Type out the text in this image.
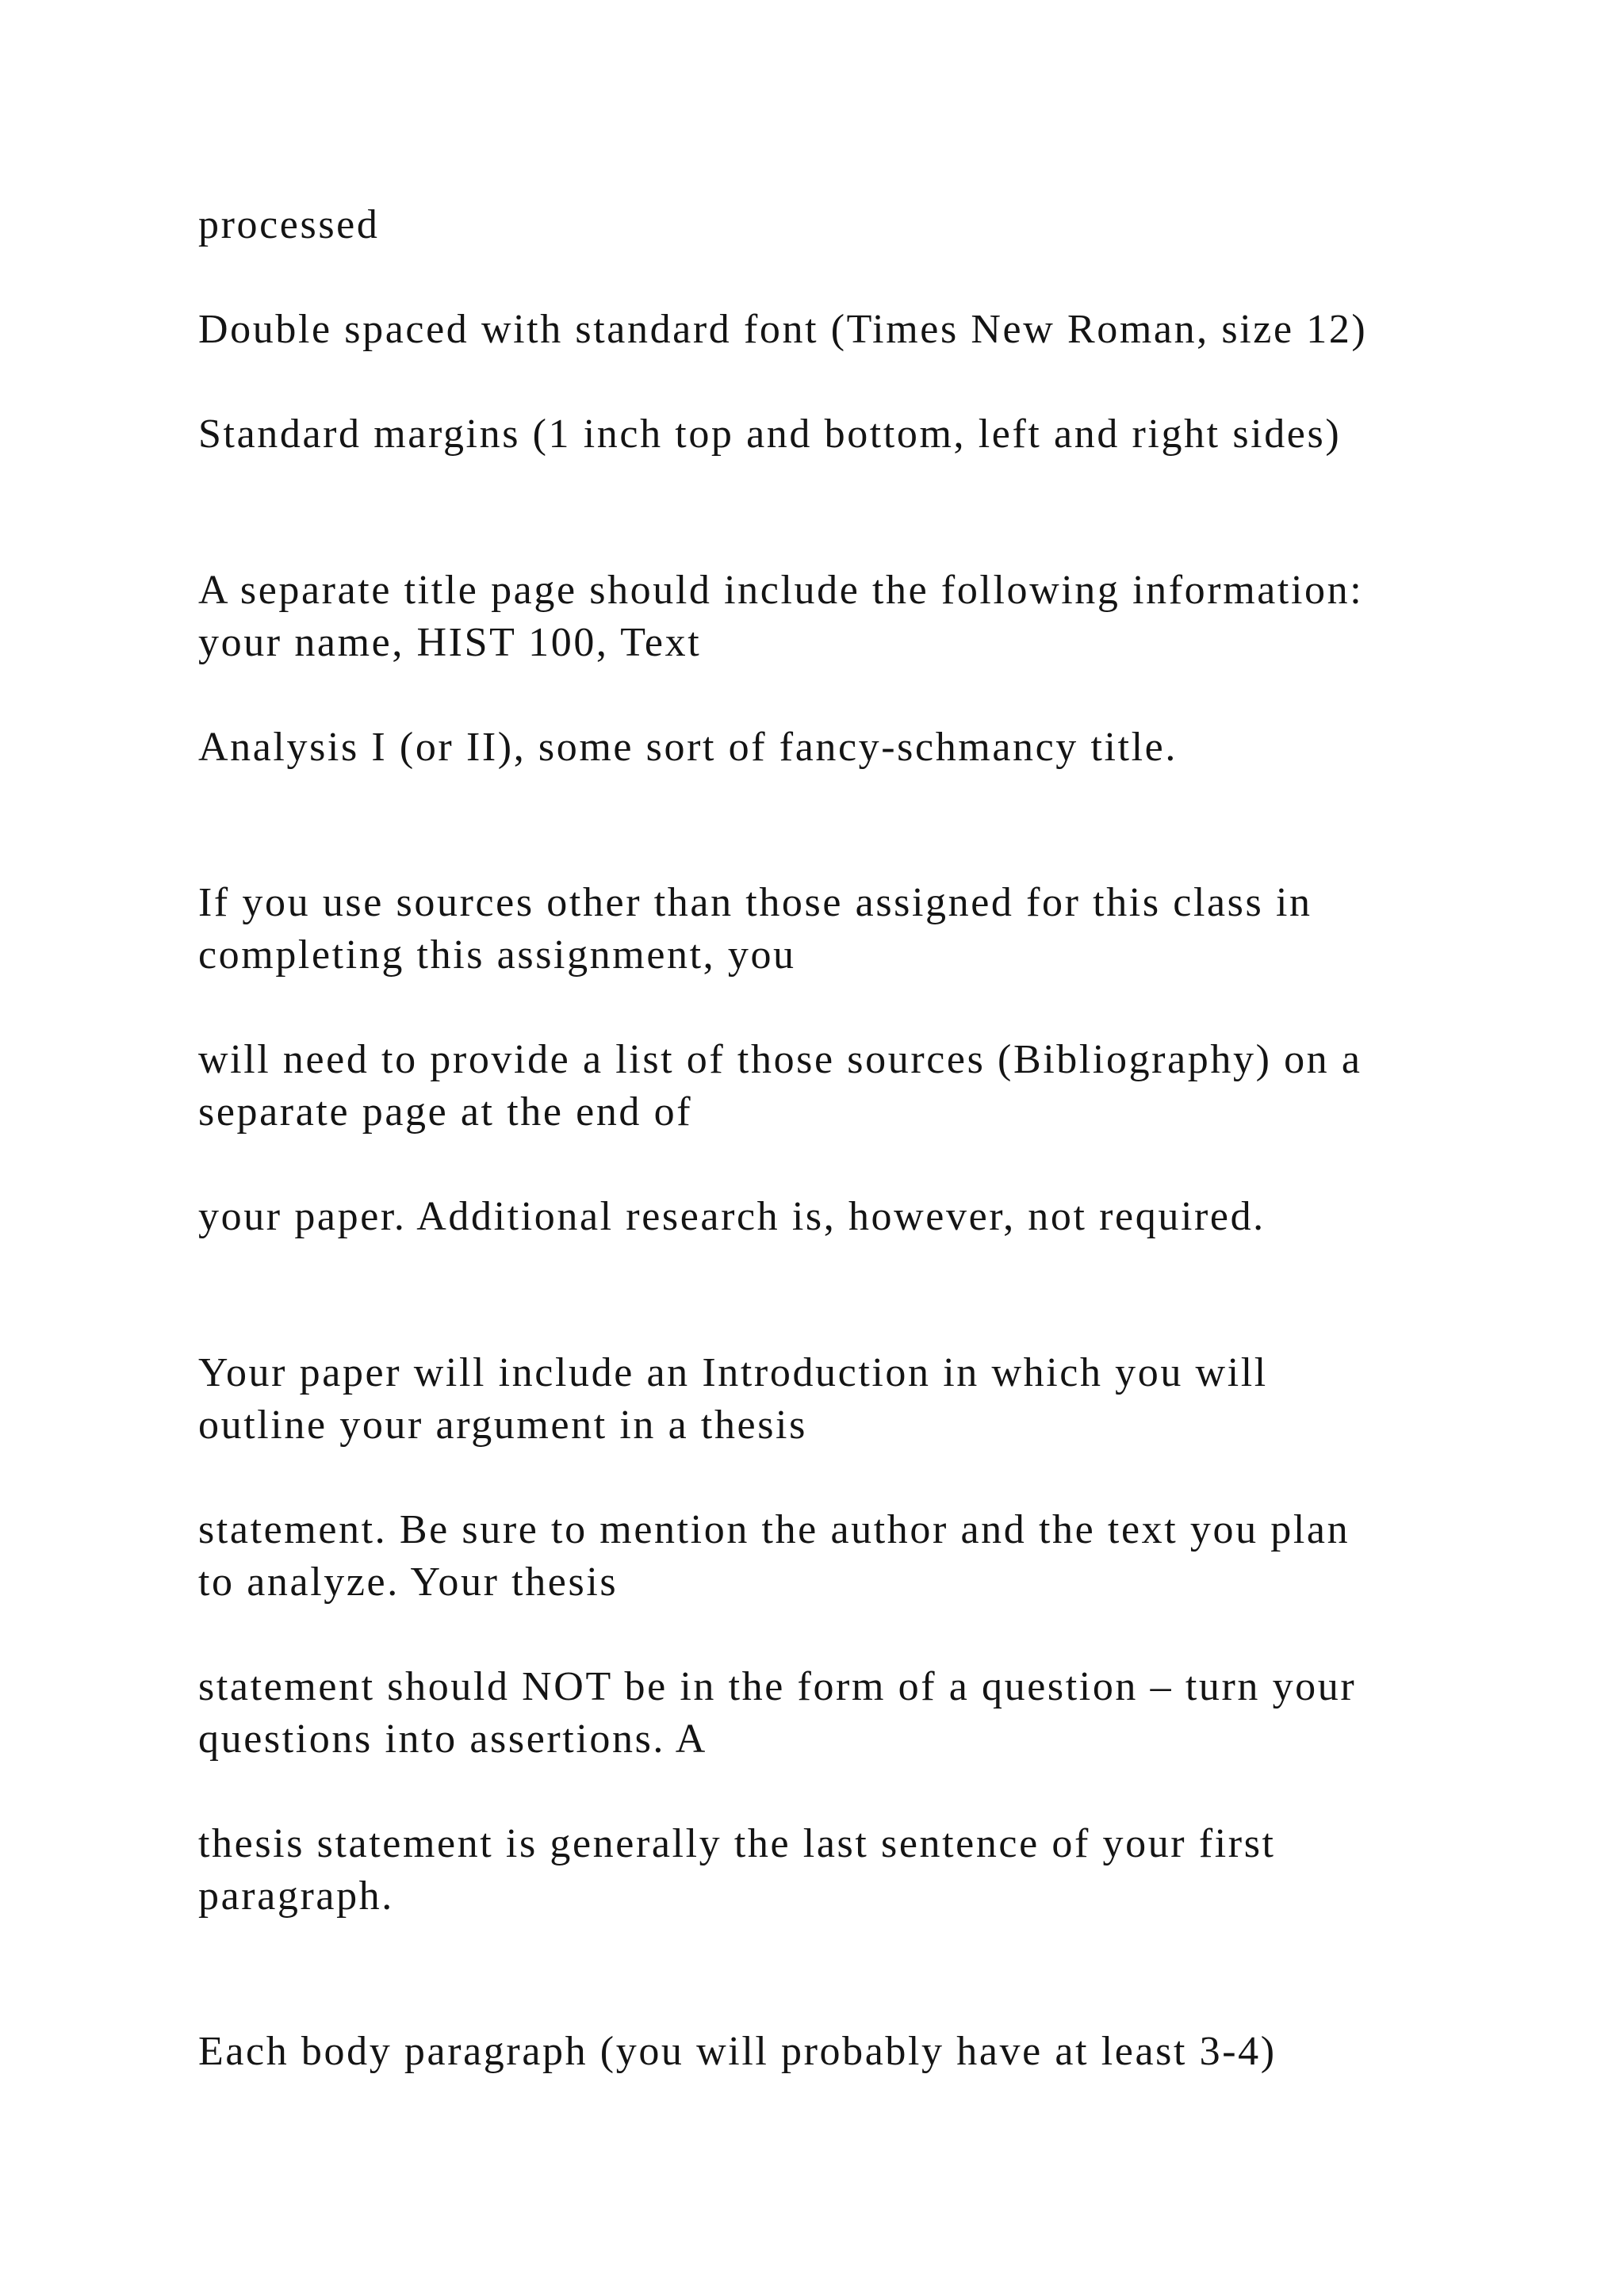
processed

Double spaced with standard font (Times New Roman, size 12)

Standard margins (1 inch top and bottom, left and right sides)

A separate title page should include the following information:

your name, HIST 100, Text

Analysis I (or II), some sort of fancy-schmancy title.

If you use sources other than those assigned for this class in

completing this assignment, you

will need to provide a list of those sources (Bibliography) on a

separate page at the end of

your paper. Additional research is, however, not required.

Your paper will include an Introduction in which you will

outline your argument in a thesis

statement. Be sure to mention the author and the text you plan

to analyze. Your thesis

statement should NOT be in the form of a question – turn your

questions into assertions. A

thesis statement is generally the last sentence of your first

paragraph.

Each body paragraph (you will probably have at least 3-4)
